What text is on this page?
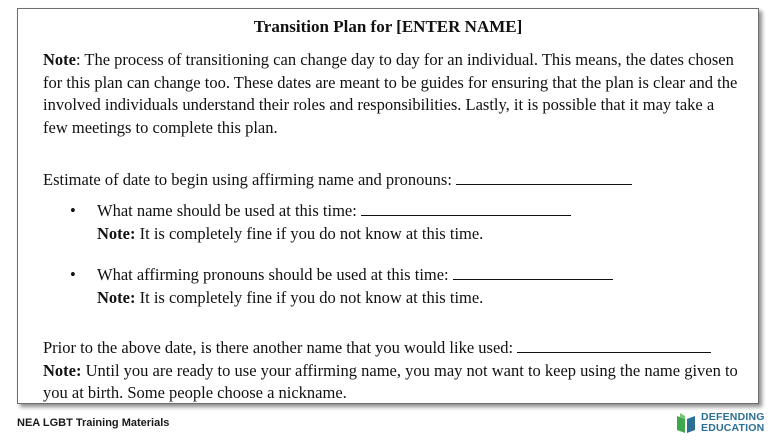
Transition Plan for [ENTER NAME]
Note: The process of transitioning can change day to day for an individual. This means, the dates chosen for this plan can change too. These dates are meant to be guides for ensuring that the plan is clear and the involved individuals understand their roles and responsibilities. Lastly, it is possible that it may take a few meetings to complete this plan.
Estimate of date to begin using affirming name and pronouns:
•	What name should be used at this time:
Note: It is completely fine if you do not know at this time.
•	What affirming pronouns should be used at this time:
Note: It is completely fine if you do not know at this time.
Prior to the above date, is there another name that you would like used:
Note: Until you are ready to use your affirming name, you may not want to keep using the name given to you at birth. Some people choose a nickname.
NEA LGBT Training Materials	DEFENDING
EDUCATION
